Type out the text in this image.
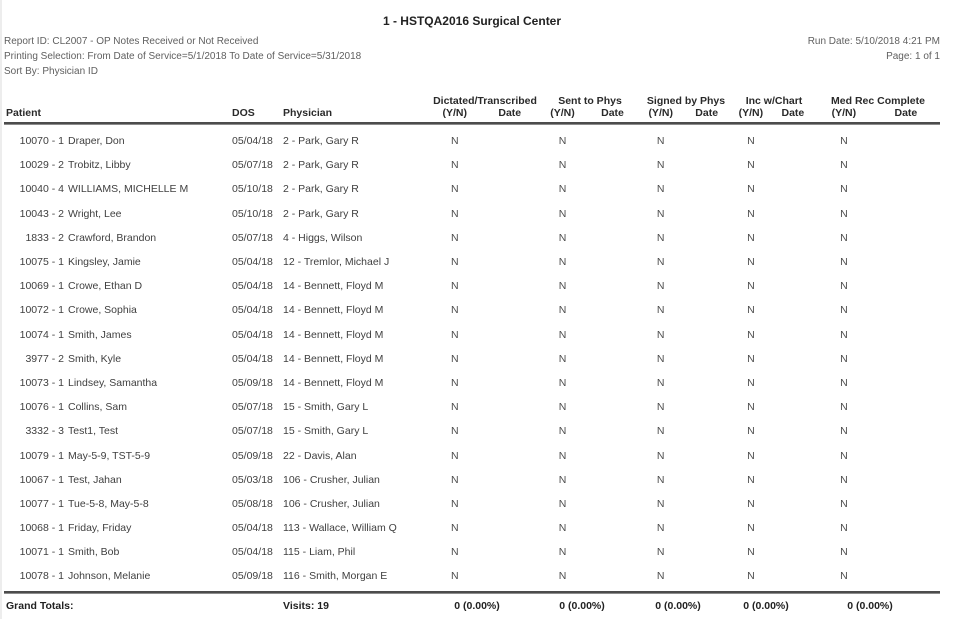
1 - HSTQA2016 Surgical Center
Report ID: CL2007 - OP Notes Received or Not Received
Printing Selection: From Date of Service=5/1/2018 To Date of Service=5/31/2018
Sort By: Physician ID
Run Date: 5/10/2018 4:21 PM
Page: 1 of 1
Patient	DOS	Physician
Dictated/Transcribed
(Y/N)	Date
Sent to Phys
(Y/N)	Date
Signed by Phys
(Y/N)	Date
Inc w/Chart
(Y/N)	Date
Med Rec Complete
(Y/N)	Date
10070 - 1 Draper, Don	05/04/18 2 - Park, Gary R	N	N	N	N	N
10029 - 2 Trobitz, Libby	05/07/18 2 - Park, Gary R	N	N	N	N	N
10040 - 4 WILLIAMS, MICHELLE M	05/10/18 2 - Park, Gary R	N	N	N	N	N
10043 - 2 Wright, Lee	05/10/18 2 - Park, Gary R	N	N	N	N	N
1833 - 2 Crawford, Brandon	05/07/18 4 - Higgs, Wilson	N	N	N	N	N
10075 - 1 Kingsley, Jamie	05/04/18 12 - Tremlor, Michael J	N	N	N	N	N
10069 - 1 Crowe, Ethan D	05/04/18 14 - Bennett, Floyd M	N	N	N	N	N
10072 - 1 Crowe, Sophia	05/04/18 14 - Bennett, Floyd M	N	N	N	N	N
10074 - 1 Smith, James	05/04/18 14 - Bennett, Floyd M	N	N	N	N	N
3977 - 2 Smith, Kyle	05/04/18 14 - Bennett, Floyd M	N	N	N	N	N
10073 - 1 Lindsey, Samantha	05/09/18 14 - Bennett, Floyd M	N	N	N	N	N
10076 - 1 Collins, Sam	05/07/18 15 - Smith, Gary L	N	N	N	N	N
3332 - 3 Test1, Test	05/07/18 15 - Smith, Gary L	N	N	N	N	N
10079 - 1 May-5-9, TST-5-9	05/09/18 22 - Davis, Alan	N	N	N	N	N
10067 - 1 Test, Jahan	05/03/18 106 - Crusher, Julian	N	N	N	N	N
10077 - 1 Tue-5-8, May-5-8	05/08/18 106 - Crusher, Julian	N	N	N	N	N
10068 - 1 Friday, Friday	05/04/18 113 - Wallace, William Q	N	N	N	N	N
10071 - 1 Smith, Bob	05/04/18 115 - Liam, Phil	N	N	N	N	N
10078 - 1 Johnson, Melanie	05/09/18 116 - Smith, Morgan E	N	N	N	N	N
Grand Totals:	Visits: 19	0 (0.00%)	0 (0.00%)	0 (0.00%)	0 (0.00%)	0 (0.00%)
